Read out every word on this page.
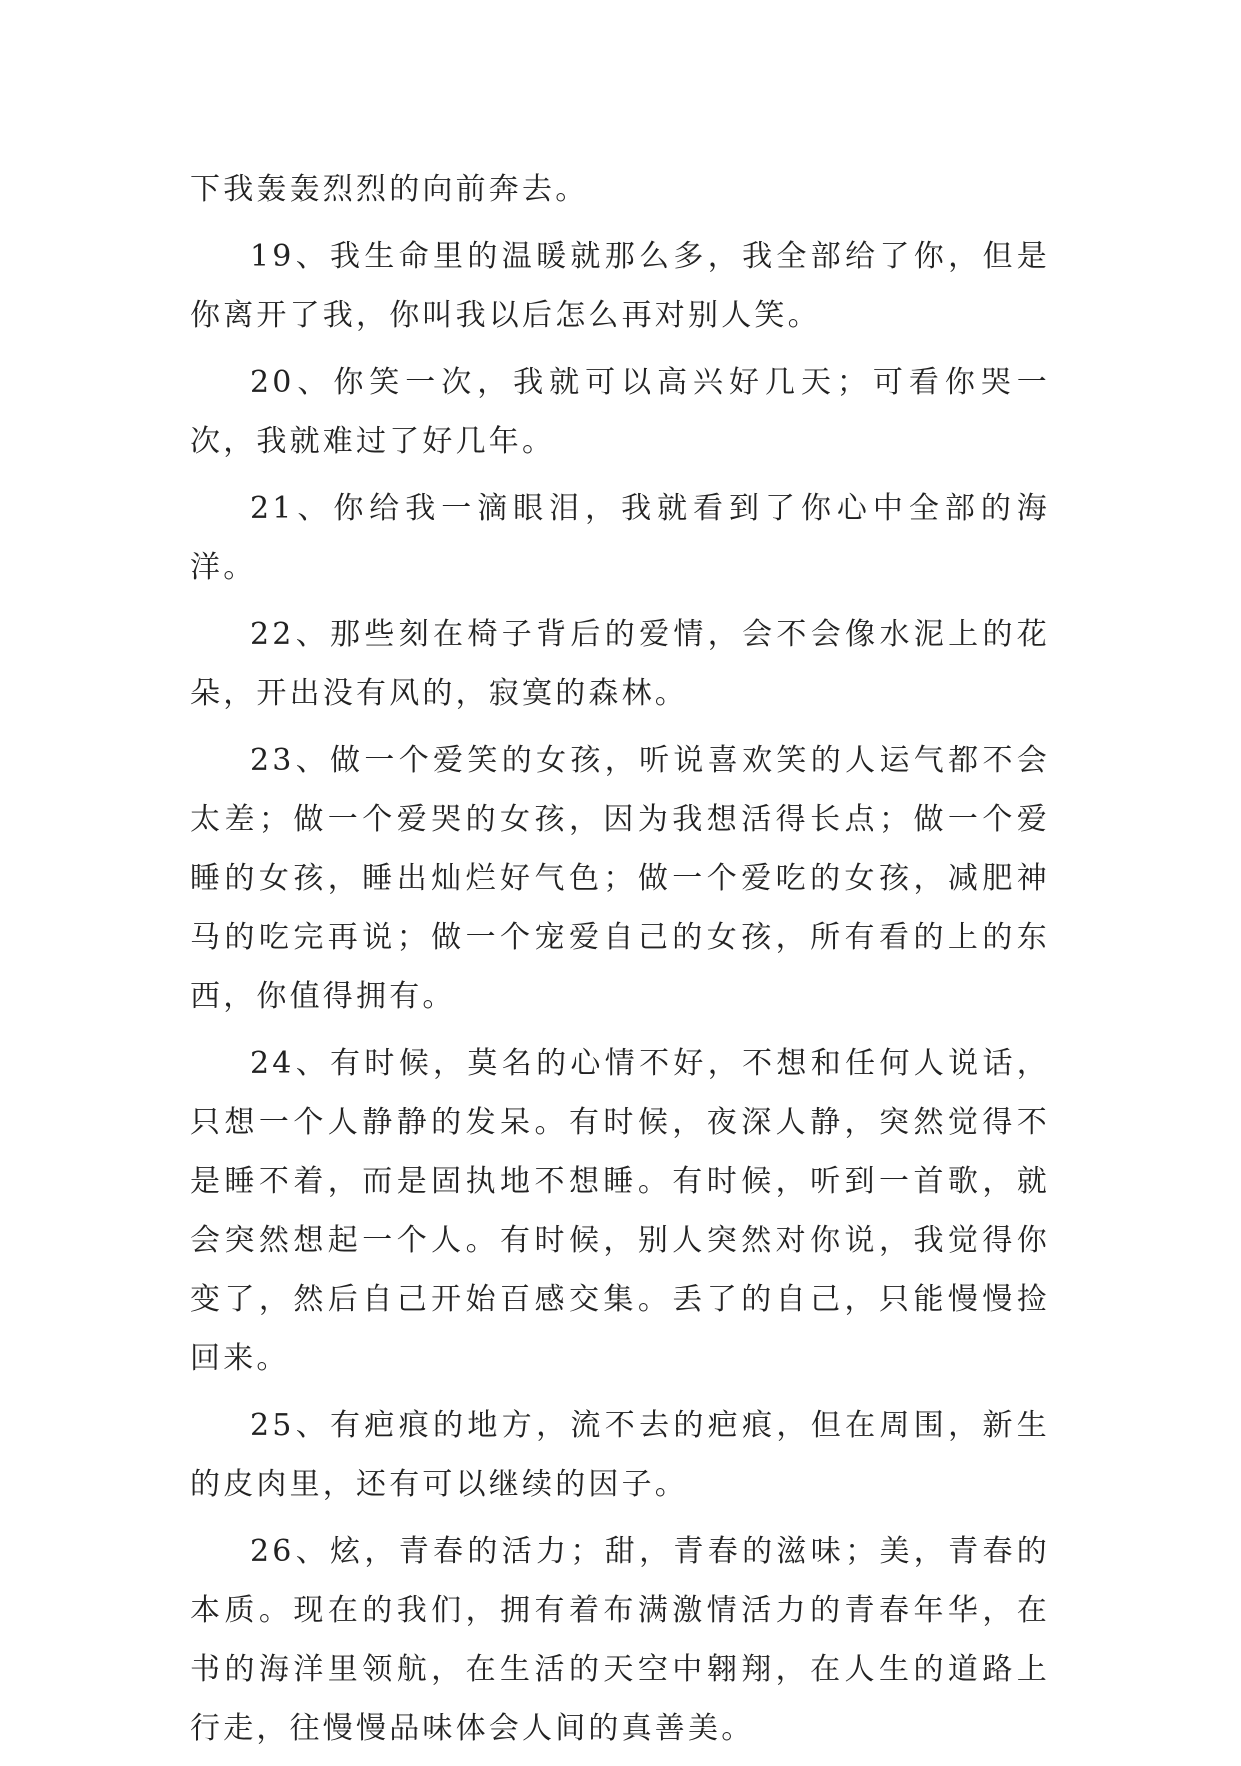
下我轰轰烈烈的向前奔去。

19、我生命里的温暖就那么多，我全部给了你，但是你离开了我，你叫我以后怎么再对别人笑。

20、你笑一次，我就可以高兴好几天；可看你哭一次，我就难过了好几年。

21、你给我一滴眼泪，我就看到了你心中全部的海洋。

22、那些刻在椅子背后的爱情，会不会像水泥上的花朵，开出没有风的，寂寞的森林。

23、做一个爱笑的女孩，听说喜欢笑的人运气都不会太差；做一个爱哭的女孩，因为我想活得长点；做一个爱睡的女孩，睡出灿烂好气色；做一个爱吃的女孩，减肥神马的吃完再说；做一个宠爱自己的女孩，所有看的上的东西，你值得拥有。

24、有时候，莫名的心情不好，不想和任何人说话，只想一个人静静的发呆。有时候，夜深人静，突然觉得不是睡不着，而是固执地不想睡。有时候，听到一首歌，就会突然想起一个人。有时候，别人突然对你说，我觉得你变了，然后自己开始百感交集。丢了的自己，只能慢慢捡回来。

25、有疤痕的地方，流不去的疤痕，但在周围，新生的皮肉里，还有可以继续的因子。

26、炫，青春的活力；甜，青春的滋味；美，青春的本质。现在的我们，拥有着布满激情活力的青春年华，在书的海洋里领航，在生活的天空中翱翔，在人生的道路上行走，往慢慢品味体会人间的真善美。
